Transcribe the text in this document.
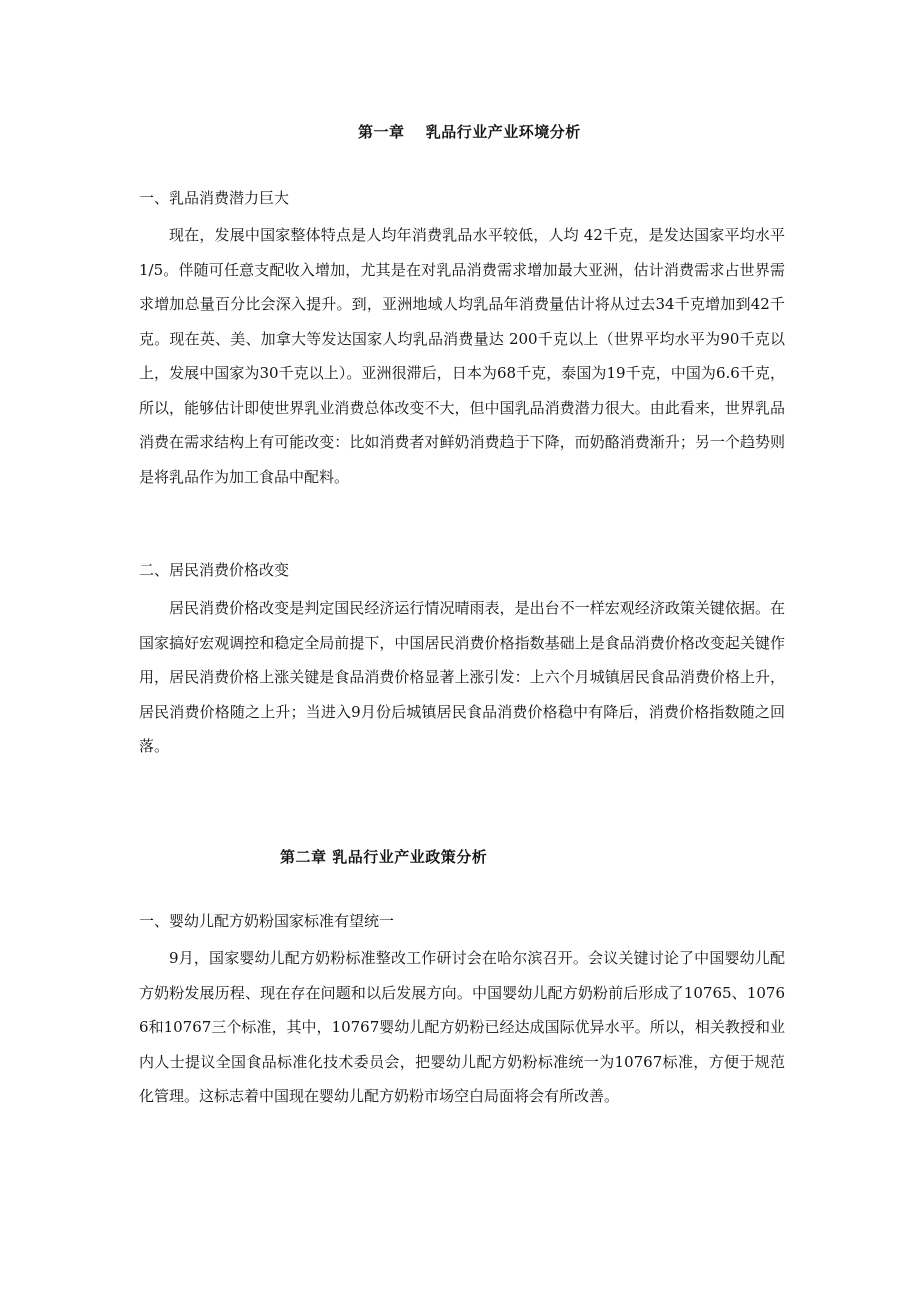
第一章　 乳品行业产业环境分析
一、乳品消费潜力巨大

现在，发展中国家整体特点是人均年消费乳品水平较低，人均 42千克，是发达国家平均水平 1/5。伴随可任意支配收入增加，尤其是在对乳品消费需求增加最大亚洲，估计消费需求占世界需求增加总量百分比会深入提升。到，亚洲地域人均乳品年消费量估计将从过去34千克增加到42千克。现在英、美、加拿大等发达国家人均乳品消费量达 200千克以上（世界平均水平为90千克以上，发展中国家为30千克以上）。亚洲很滞后，日本为68千克，泰国为19千克，中国为6.6千克，所以，能够估计即使世界乳业消费总体改变不大，但中国乳品消费潜力很大。由此看来，世界乳品消费在需求结构上有可能改变：比如消费者对鲜奶消费趋于下降，而奶酪消费渐升；另一个趋势则是将乳品作为加工食品中配料。

二、居民消费价格改变

居民消费价格改变是判定国民经济运行情况晴雨表，是出台不一样宏观经济政策关键依据。在国家搞好宏观调控和稳定全局前提下，中国居民消费价格指数基础上是食品消费价格改变起关键作用，居民消费价格上涨关键是食品消费价格显著上涨引发：上六个月城镇居民食品消费价格上升，居民消费价格随之上升；当进入9月份后城镇居民食品消费价格稳中有降后，消费价格指数随之回落。

第二章 乳品行业产业政策分析
一、婴幼儿配方奶粉国家标准有望统一

9月，国家婴幼儿配方奶粉标准整改工作研讨会在哈尔滨召开。会议关键讨论了中国婴幼儿配方奶粉发展历程、现在存在问题和以后发展方向。中国婴幼儿配方奶粉前后形成了10765、10766和10767三个标准，其中，10767婴幼儿配方奶粉已经达成国际优异水平。所以，相关教授和业内人士提议全国食品标准化技术委员会，把婴幼儿配方奶粉标准统一为10767标准，方便于规范化管理。这标志着中国现在婴幼儿配方奶粉市场空白局面将会有所改善。
